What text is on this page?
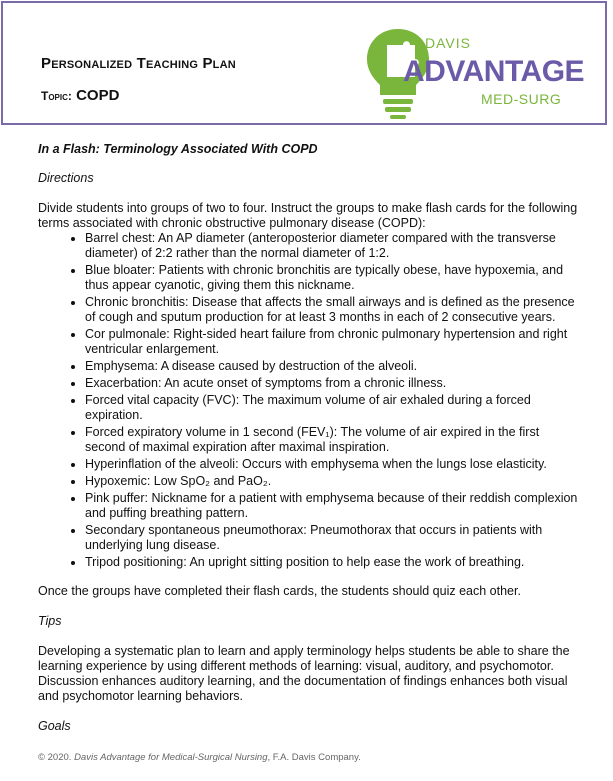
Personalized Teaching Plan
Topic: COPD
DAVIS
ADVANTAGE
MED-SURG

In a Flash: Terminology Associated With COPD

Directions

Divide students into groups of two to four. Instruct the groups to make flash cards for the following terms associated with chronic obstructive pulmonary disease (COPD):

• Barrel chest: An AP diameter (anteroposterior diameter compared with the transverse diameter) of 2:2 rather than the normal diameter of 1:2.
• Blue bloater: Patients with chronic bronchitis are typically obese, have hypoxemia, and thus appear cyanotic, giving them this nickname.
• Chronic bronchitis: Disease that affects the small airways and is defined as the presence of cough and sputum production for at least 3 months in each of 2 consecutive years.
• Cor pulmonale: Right-sided heart failure from chronic pulmonary hypertension and right ventricular enlargement.
• Emphysema: A disease caused by destruction of the alveoli.
• Exacerbation: An acute onset of symptoms from a chronic illness.
• Forced vital capacity (FVC): The maximum volume of air exhaled during a forced expiration.
• Forced expiratory volume in 1 second (FEV₁): The volume of air expired in the first second of maximal expiration after maximal inspiration.
• Hyperinflation of the alveoli: Occurs with emphysema when the lungs lose elasticity.
• Hypoxemic: Low SpO₂ and PaO₂.
• Pink puffer: Nickname for a patient with emphysema because of their reddish complexion and puffing breathing pattern.
• Secondary spontaneous pneumothorax: Pneumothorax that occurs in patients with underlying lung disease.
• Tripod positioning: An upright sitting position to help ease the work of breathing.

Once the groups have completed their flash cards, the students should quiz each other.

Tips

Developing a systematic plan to learn and apply terminology helps students be able to share the learning experience by using different methods of learning: visual, auditory, and psychomotor. Discussion enhances auditory learning, and the documentation of findings enhances both visual and psychomotor learning behaviors.

Goals

© 2020. Davis Advantage for Medical-Surgical Nursing, F.A. Davis Company.
